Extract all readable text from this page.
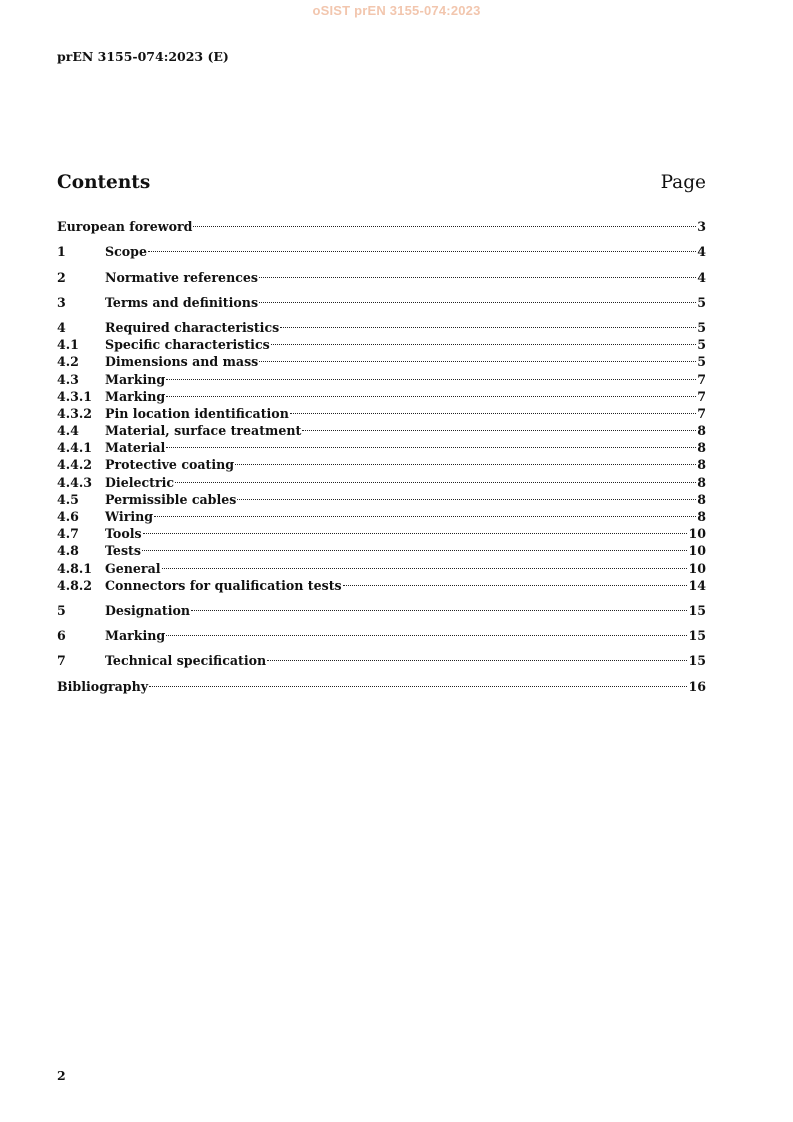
oSIST prEN 3155-074:2023
prEN 3155-074:2023 (E)
Contents	Page
European foreword	3
1	Scope	4
2	Normative references	4
3	Terms and definitions	5
4	Required characteristics	5
4.1	Specific characteristics	5
4.2	Dimensions and mass	5
4.3	Marking	7
4.3.1	Marking	7
4.3.2	Pin location identification	7
4.4	Material, surface treatment	8
4.4.1	Material	8
4.4.2	Protective coating	8
4.4.3	Dielectric	8
4.5	Permissible cables	8
4.6	Wiring	8
4.7	Tools	10
4.8	Tests	10
4.8.1	General	10
4.8.2	Connectors for qualification tests	14
5	Designation	15
6	Marking	15
7	Technical specification	15
Bibliography	16
2
